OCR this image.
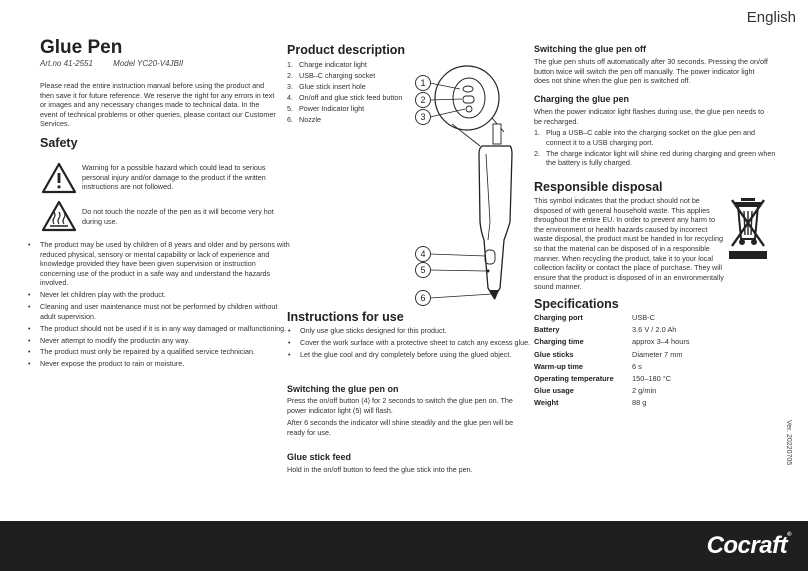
English
Glue Pen
Art.no 41-2551	Model YC20-V4JBII
Please read the entire instruction manual before using the product and then save it for future reference. We reserve the right for any errors in text or images and any necessary changes made to technical data. In the event of technical problems or other queries, please contact our Customer Services.
Safety
Warning for a possible hazard which could lead to serious personal injury and/or damage to the product if the written instructions are not followed.
Do not touch the nozzle of the pen as it will become very hot during use.
• The product may be used by children of 8 years and older and by persons with reduced physical, sensory or mental capability or lack of experience and knowledge provided they have been given supervision or instruction concerning use of the product in a safe way and understand the hazards involved.
• Never let children play with the product.
• Cleaning and user maintenance must not be performed by children without adult supervision.
• The product should not be used if it is in any way damaged or malfunctioning.
• Never attempt to modify the productin any way.
• The product must only be repaired by a qualified service technician.
• Never expose the product to rain or moisture.
Product description
1. Charge indicator light
2. USB–C charging socket
3. Glue stick insert hole
4. On/off and glue stick feed button
5. Power Indicator light
6. Nozzle
1
2
3
4
5
6
Instructions for use
• Only use glue sticks designed for this product.
• Cover the work surface with a protective sheet to catch any excess glue.
• Let the glue cool and dry completely before using the glued object.
Switching the glue pen on
Press the on/off button (4) for 2 seconds to switch the glue pen on. The power indicator light (5) will flash.
After 6 seconds the indicator will shine steadily and the glue pen will be ready for use.
Glue stick feed
Hold in the on/off button to feed the glue stick into the pen.
Switching the glue pen off
The glue pen shuts off automatically after 30 seconds. Pressing the on/off button twice will switch the pen off manually. The power indicator light does not shine when the glue pen is switched off.
Charging the glue pen
When the power indicator light flashes during use, the glue pen needs to be recharged.
1. Plug a USB–C cable into the charging socket on the glue pen and connect it to a USB charging port.
2. The charge indicator light will shine red during charging and green when the battery is fully charged.
Responsible disposal
This symbol indicates that the product should not be disposed of with general household waste. This applies throughout the entire EU. In order to prevent any harm to the environment or health hazards caused by incorrect waste disposal, the product must be handed in for recycling so that the material can be disposed of in a responsible manner. When recycling the product, take it to your local collection facility or contact the place of purchase. They will ensure that the product is disposed of in an environmentally sound manner.
Specifications
Charging port	USB-C
Battery	3.6 V / 2.0 Ah
Charging time	approx 3–4 hours
Glue sticks	Diameter 7 mm
Warm-up time	6 s
Operating temperature	150–180 °C
Glue usage	2 g/min
Weight	88 g
Ver. 20220705
Cocraft®
